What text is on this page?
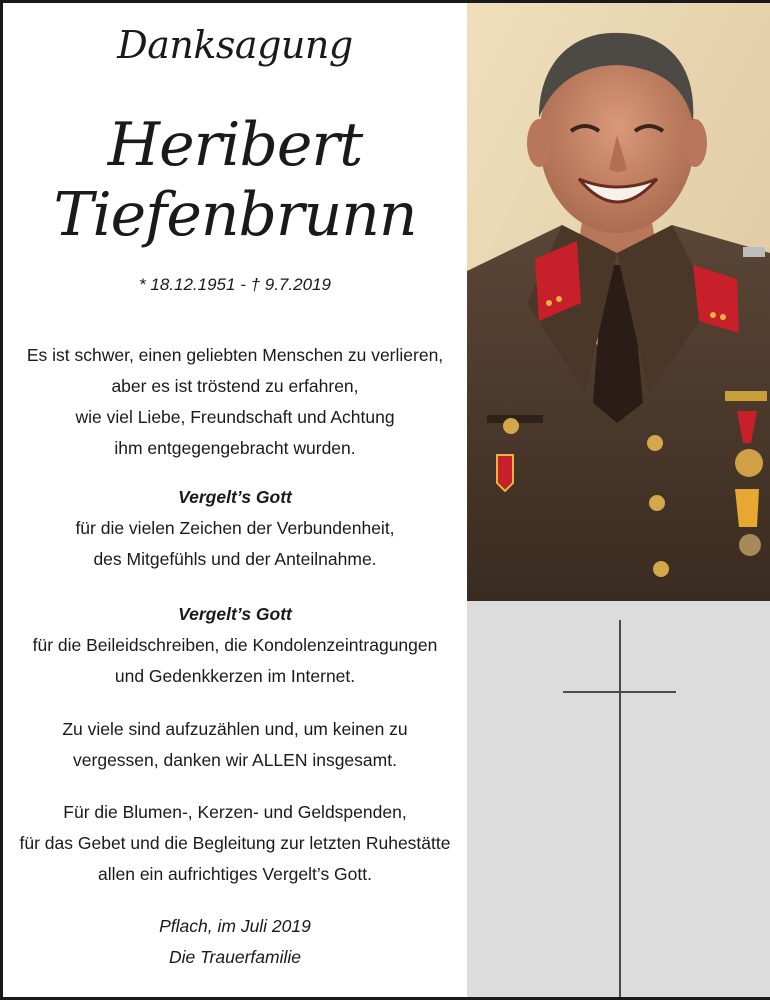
Danksagung
Heribert
Tiefenbrunn
* 18.12.1951 - † 9.7.2019
Es ist schwer, einen geliebten Menschen zu verlieren,
aber es ist tröstend zu erfahren,
wie viel Liebe, Freundschaft und Achtung
ihm entgegengebracht wurden.
Vergelt’s Gott
für die vielen Zeichen der Verbundenheit,
des Mitgefühls und der Anteilnahme.
Vergelt’s Gott
für die Beileidschreiben, die Kondolenzeintragungen
und Gedenkkerzen im Internet.
Zu viele sind aufzuzählen und, um keinen zu
vergessen, danken wir ALLEN insgesamt.
Für die Blumen-, Kerzen- und Geldspenden,
für das Gebet und die Begleitung zur letzten Ruhestätte
allen ein aufrichtiges Vergelt’s Gott.
Pflach, im Juli 2019
Die Trauerfamilie
